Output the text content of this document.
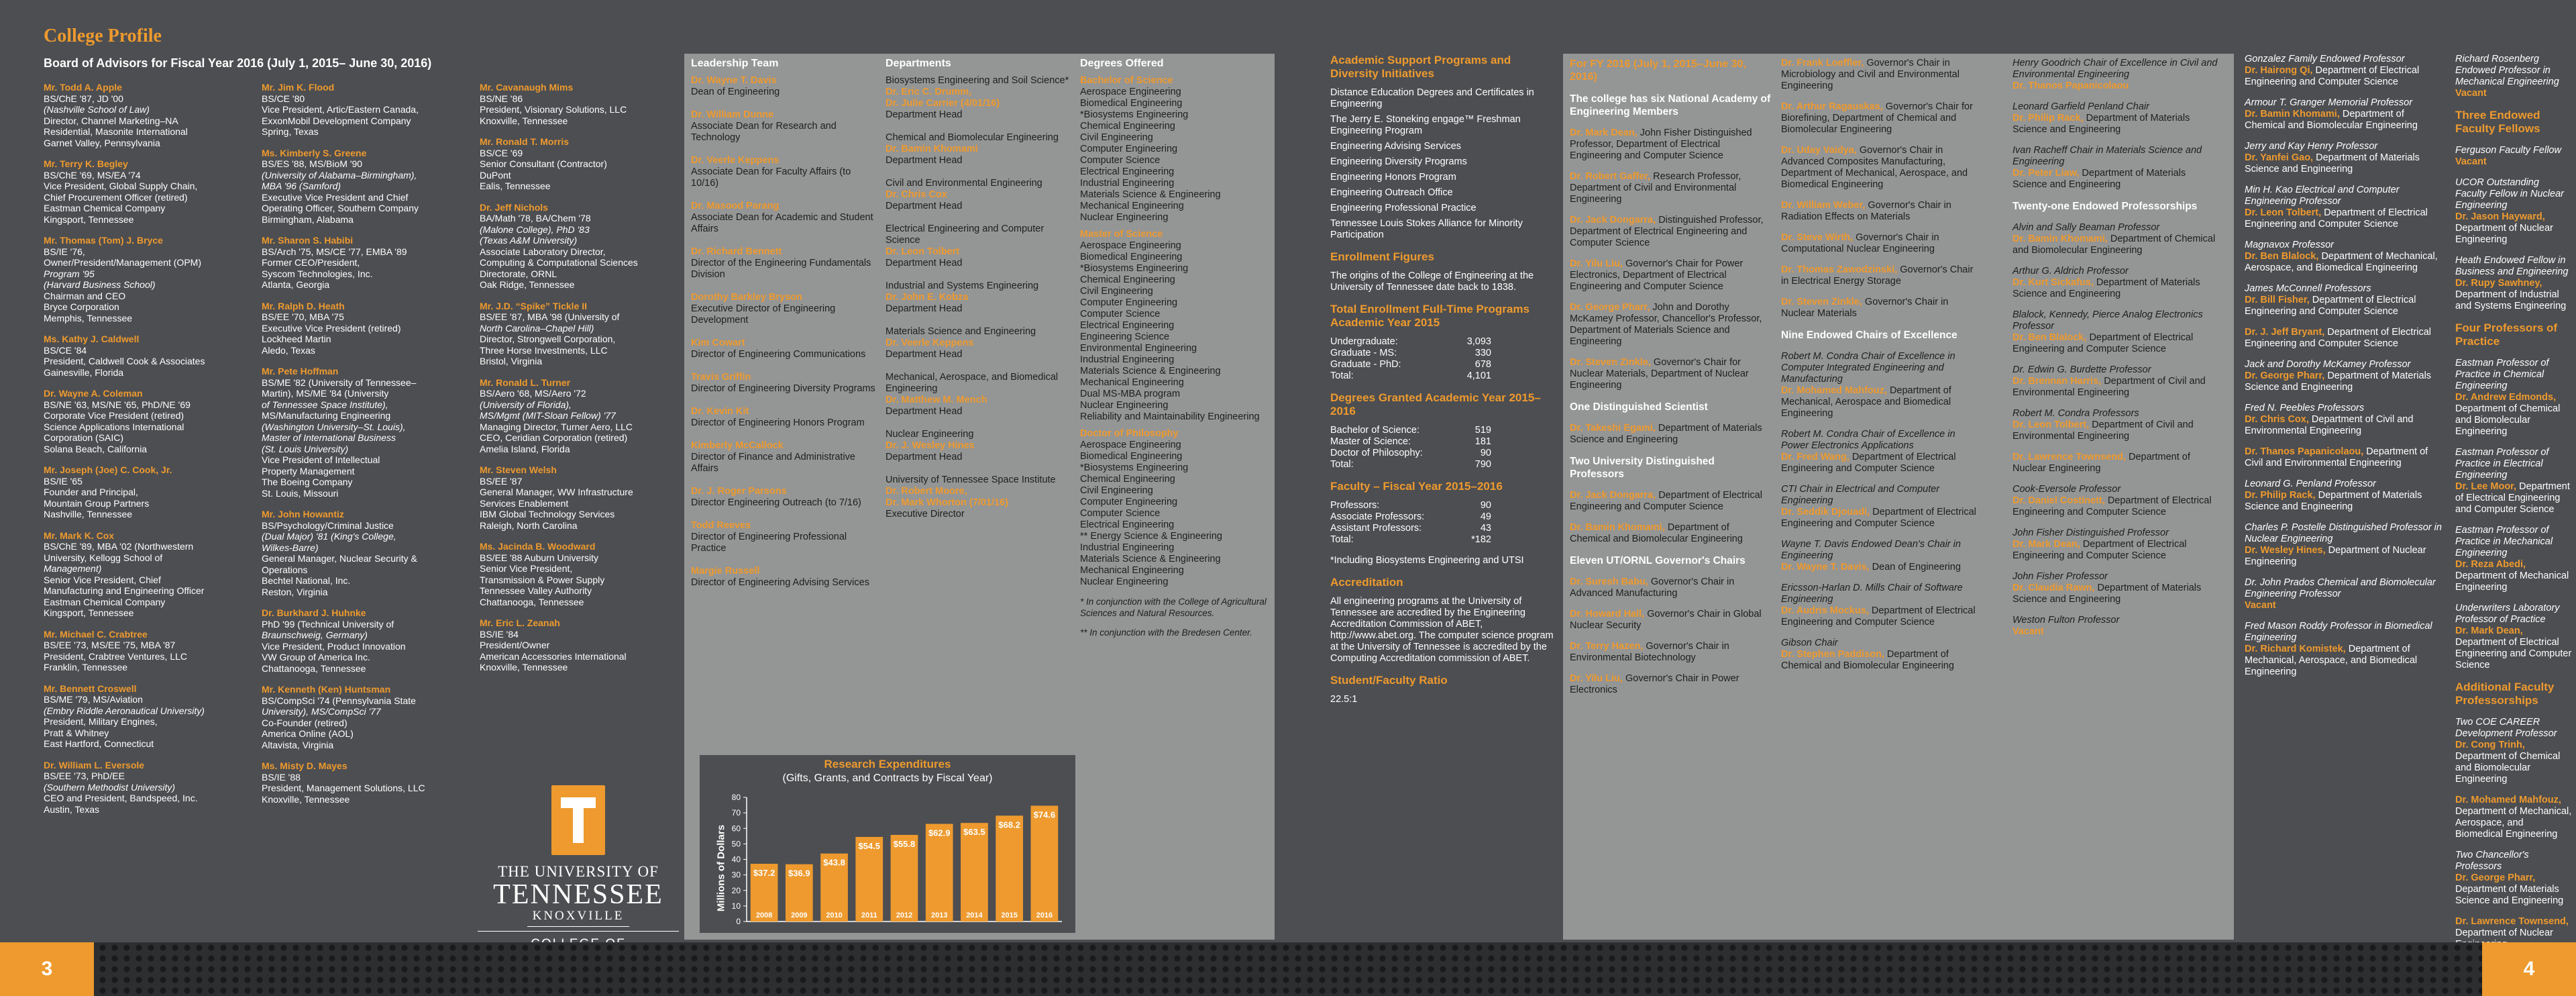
College Profile
Board of Advisors for Fiscal Year 2016 (July 1, 2015– June 30, 2016)
Mr. Todd A. Apple
BS/ChE '87, JD '00
(Nashville School of Law)
Director, Channel Marketing–NA
Residential, Masonite International
Garnet Valley, Pennsylvania
Mr. Terry K. Begley
BS/ChE '69, MS/EA '74
Vice President, Global Supply Chain,
Chief Procurement Officer (retired)
Eastman Chemical Company
Kingsport, Tennessee
Mr. Thomas (Tom) J. Bryce
BS/IE '76,
Owner/President/Management (OPM)
Program '95
(Harvard Business School)
Chairman and CEO
Bryce Corporation
Memphis, Tennessee
Ms. Kathy J. Caldwell
BS/CE '84
President, Caldwell Cook & Associates
Gainesville, Florida
Dr. Wayne A. Coleman
BS/NE '63, MS/NE '65, PhD/NE '69
Corporate Vice President (retired)
Science Applications International
Corporation (SAIC)
Solana Beach, California
Mr. Joseph (Joe) C. Cook, Jr.
BS/IE '65
Founder and Principal,
Mountain Group Partners
Nashville, Tennessee
Mr. Mark K. Cox
BS/ChE '89, MBA '02 (Northwestern
University, Kellogg School of
Management)
Senior Vice President, Chief
Manufacturing and Engineering Officer
Eastman Chemical Company
Kingsport, Tennessee
Mr. Michael C. Crabtree
BS/EE '73, MS/EE '75, MBA '87
President, Crabtree Ventures, LLC
Franklin, Tennessee
Mr. Bennett Croswell
BS/ME '79, MS/Aviation
(Embry Riddle Aeronautical University)
President, Military Engines,
Pratt & Whitney
East Hartford, Connecticut
Dr. William L. Eversole
BS/EE '73, PhD/EE
(Southern Methodist University)
CEO and President, Bandspeed, Inc.
Austin, Texas
Mr. Jim K. Flood
BS/CE '80
Vice President, Artic/Eastern Canada,
ExxonMobil Development Company
Spring, Texas
Ms. Kimberly S. Greene
BS/ES '88, MS/BioM '90
(University of Alabama–Birmingham),
MBA '96 (Samford)
Executive Vice President and Chief
Operating Officer, Southern Company
Birmingham, Alabama
Mr. Sharon S. Habibi
BS/Arch '75, MS/CE '77, EMBA '89
Former CEO/President,
Syscom Technologies, Inc.
Atlanta, Georgia
Mr. Ralph D. Heath
BS/EE '70, MBA '75
Executive Vice President (retired)
Lockheed Martin
Aledo, Texas
Mr. Pete Hoffman
BS/ME '82 (University of Tennessee–
Martin), MS/ME '84 (University
of Tennessee Space Institute),
MS/Manufacturing Engineering
(Washington University–St. Louis),
Master of International Business
(St. Louis University)
Vice President of Intellectual
Property Management
The Boeing Company
St. Louis, Missouri
Mr. John Howantiz
BS/Psychology/Criminal Justice
(Dual Major) '81 (King's College,
Wilkes-Barre)
General Manager, Nuclear Security &
Operations
Bechtel National, Inc.
Reston, Virginia
Dr. Burkhard J. Huhnke
PhD '99 (Technical University of
Braunschweig, Germany)
Vice President, Product Innovation
VW Group of America Inc.
Chattanooga, Tennessee
Mr. Kenneth (Ken) Huntsman
BS/CompSci '74 (Pennsylvania State
University), MS/CompSci '77
Co-Founder (retired)
America Online (AOL)
Altavista, Virginia
Ms. Misty D. Mayes
BS/IE '88
President, Management Solutions, LLC
Knoxville, Tennessee
Mr. Cavanaugh Mims
BS/NE '86
President, Visionary Solutions, LLC
Knoxville, Tennessee
Mr. Ronald T. Morris
BS/CE '69
Senior Consultant (Contractor)
DuPont
Ealis, Tennessee
Dr. Jeff Nichols
BA/Math '78, BA/Chem '78
(Malone College), PhD '83
(Texas A&M University)
Associate Laboratory Director,
Computing & Computational Sciences
Directorate, ORNL
Oak Ridge, Tennessee
Mr. J.D. “Spike” Tickle II
BS/EE '87, MBA '98 (University of
North Carolina–Chapel Hill)
Director, Strongwell Corporation,
Three Horse Investments, LLC
Bristol, Virginia
Mr. Ronald L. Turner
BS/Aero '68, MS/Aero '72
(University of Florida),
MS/Mgmt (MIT-Sloan Fellow) '77
Managing Director, Turner Aero, LLC
CEO, Ceridian Corporation (retired)
Amelia Island, Florida
Mr. Steven Welsh
BS/EE '87
General Manager, WW Infrastructure
Services Enablement
IBM Global Technology Services
Raleigh, North Carolina
Ms. Jacinda B. Woodward
BS/EE '88 Auburn University
Senior Vice President,
Transmission & Power Supply
Tennessee Valley Authority
Chattanooga, Tennessee
Mr. Eric L. Zeanah
BS/IE '84
President/Owner
American Accessories International
Knoxville, Tennessee
THE UNIVERSITY OF
TENNESSEE
KNOXVILLE

Leadership Team	Departments	Degrees Offered
Dr. Wayne T. Davis
Dean of Engineering
Dr. William Dunne
Associate Dean for Research and Technology
Dr. Veerle Keppens
Associate Dean for Faculty Affairs (to 10/16)
Dr. Masood Parang
Associate Dean for Academic and Student Affairs
Dr. Richard Bennett
Director of the Engineering Fundamentals Division
Dorothy Barkley Bryson
Executive Director of Engineering Development
Kim Cowart
Director of Engineering Communications
Travis Griffin
Director of Engineering Diversity Programs
Dr. Kevin Kit
Director of Engineering Honors Program
Kimberly McCallock
Director of Finance and Administrative Affairs
Dr. J. Roger Parsons
Director Engineering Outreach (to 7/16)
Todd Reeves
Director of Engineering Professional Practice
Margie Russell
Director of Engineering Advising Services
Biosystems Engineering and Soil Science*
Dr. Eric C. Drumm,
Dr. Julie Carrier (4/01/16)
Department Head
Chemical and Biomolecular Engineering
Dr. Bamin Khomami
Department Head
Civil and Environmental Engineering
Dr. Chris Cox
Department Head
Electrical Engineering and Computer Science
Dr. Leon Tolbert
Department Head
Industrial and Systems Engineering
Dr. John E. Kobza
Department Head
Materials Science and Engineering
Dr. Veerle Keppens
Department Head
Mechanical, Aerospace, and Biomedical Engineering
Dr. Matthew M. Mench
Department Head
Nuclear Engineering
Dr. J. Wesley Hines
Department Head
University of Tennessee Space Institute
Dr. Robert Moore,
Dr. Mark Whorton (7/01/16)
Executive Director
Bachelor of Science
Aerospace Engineering
Biomedical Engineering
*Biosystems Engineering
Chemical Engineering
Civil Engineering
Computer Engineering
Computer Science
Electrical Engineering
Industrial Engineering
Materials Science & Engineering
Mechanical Engineering
Nuclear Engineering
Master of Science
Aerospace Engineering
Biomedical Engineering
*Biosystems Engineering
Chemical Engineering
Civil Engineering
Computer Engineering
Computer Science
Electrical Engineering
Engineering Science
Environmental Engineering
Industrial Engineering
Materials Science & Engineering
Mechanical Engineering
Dual MS-MBA program
Nuclear Engineering
Reliability and Maintainability Engineering
Doctor of Philosophy
Aerospace Engineering
Biomedical Engineering
*Biosystems Engineering
Chemical Engineering
Civil Engineering
Computer Engineering
Computer Science
Electrical Engineering
** Energy Science & Engineering
Industrial Engineering
Materials Science & Engineering
Mechanical Engineering
Nuclear Engineering
* In conjunction with the College of Agricultural Sciences and Natural Resources.
** In conjunction with the Bredesen Center.
Research Expenditures
(Gifts, Grants, and Contracts by Fiscal Year)
Millions of Dollars
0
10
20
30
40
50
60
70
80
$37.2
2008
$36.9
2009
$43.8
2010
$54.5
2011
$55.8
2012
$62.9
2013
$63.5
2014
$68.2
2015
$74.6
2016
Academic Support Programs and Diversity Initiatives
Distance Education Degrees and Certificates in Engineering
The Jerry E. Stoneking engage™ Freshman Engineering Program
Engineering Advising Services
Engineering Diversity Programs
Engineering Honors Program
Engineering Outreach Office
Engineering Professional Practice
Tennessee Louis Stokes Alliance for Minority Participation
Enrollment Figures
The origins of the College of Engineering at the University of Tennessee date back to 1838.
Total Enrollment Full-Time Programs Academic Year 2015
Undergraduate:	3,093
Graduate - MS:	330
Graduate - PhD:	678
Total:	4,101
Degrees Granted Academic Year 2015–2016
Bachelor of Science:	519
Master of Science:	181
Doctor of Philosophy:	90
Total:	790
Faculty – Fiscal Year 2015–2016
Professors:	90
Associate Professors:	49
Assistant Professors:	43
Total:	*182
*Including Biosystems Engineering and UTSI
Accreditation
All engineering programs at the University of Tennessee are accredited by the Engineering Accreditation Commission of ABET, http://www.abet.org. The computer science program at the University of Tennessee is accredited by the Computing Accreditation commission of ABET.
Student/Faculty Ratio
22.5:1
For FY 2016 (July 1, 2015–June 30, 2016)
The college has six National Academy of Engineering Members
Dr. Mark Dean, John Fisher Distinguished Professor, Department of Electrical Engineering and Computer Science
Dr. Robert Gaffer, Research Professor, Department of Civil and Environmental Engineering
Dr. Jack Dongarra, Distinguished Professor, Department of Electrical Engineering and Computer Science
Dr. Yilu Liu, Governor's Chair for Power Electronics, Department of Electrical Engineering and Computer Science
Dr. George Pharr, John and Dorothy McKamey Professor, Chancellor's Professor, Department of Materials Science and Engineering
Dr. Steven Zinkle, Governor's Chair for Nuclear Materials, Department of Nuclear Engineering
One Distinguished Scientist
Dr. Takeshi Egami, Department of Materials Science and Engineering
Two University Distinguished Professors
Dr. Jack Dongarra, Department of Electrical Engineering and Computer Science
Dr. Bamin Khomami, Department of Chemical and Biomolecular Engineering
Eleven UT/ORNL Governor's Chairs
Dr. Suresh Babu, Governor's Chair in Advanced Manufacturing
Dr. Howard Hall, Governor's Chair in Global Nuclear Security
Dr. Terry Hazen, Governor's Chair in Environmental Biotechnology
Dr. Yilu Liu, Governor's Chair in Power Electronics
Dr. Frank Loeffler, Governor's Chair in Microbiology and Civil and Environmental Engineering
Dr. Arthur Ragauskas, Governor's Chair for Biorefining, Department of Chemical and Biomolecular Engineering
Dr. Uday Vaidya, Governor's Chair in Advanced Composites Manufacturing, Department of Mechanical, Aerospace, and Biomedical Engineering
Dr. William Weber, Governor's Chair in Radiation Effects on Materials
Dr. Steve Wirth, Governor's Chair in Computational Nuclear Engineering
Dr. Thomas Zawodzinski, Governor's Chair in Electrical Energy Storage
Dr. Steven Zinkle, Governor's Chair in Nuclear Materials
Nine Endowed Chairs of Excellence
Robert M. Condra Chair of Excellence in Computer Integrated Engineering and Manufacturing
Dr. Mohamed Mahfouz, Department of Mechanical, Aerospace and Biomedical Engineering
Robert M. Condra Chair of Excellence in Power Electronics Applications
Dr. Fred Wang, Department of Electrical Engineering and Computer Science
CTI Chair in Electrical and Computer Engineering
Dr. Seddik Djouadi, Department of Electrical Engineering and Computer Science
Wayne T. Davis Endowed Dean's Chair in Engineering
Dr. Wayne T. Davis, Dean of Engineering
Ericsson-Harlan D. Mills Chair of Software Engineering
Dr. Audris Mockus, Department of Electrical Engineering and Computer Science
Gibson Chair
Dr. Stephen Paddison, Department of Chemical and Biomolecular Engineering
Henry Goodrich Chair of Excellence in Civil and Environmental Engineering
Dr. Thanos Papanicolaou
Leonard Garfield Penland Chair
Dr. Philip Rack, Department of Materials Science and Engineering
Ivan Racheff Chair in Materials Science and Engineering
Dr. Peter Liaw, Department of Materials Science and Engineering
Twenty-one Endowed Professorships
Alvin and Sally Beaman Professor
Dr. Bamin Khomami, Department of Chemical and Biomolecular Engineering
Arthur G. Aldrich Professor
Dr. Kurt Sickafus, Department of Materials Science and Engineering
Blalock, Kennedy, Pierce Analog Electronics Professor
Dr. Ben Blalock, Department of Electrical Engineering and Computer Science
Dr. Edwin G. Burdette Professor
Dr. Brennan Harris, Department of Civil and Environmental Engineering
Robert M. Condra Professors
Dr. Leon Tolbert, Department of Civil and Environmental Engineering
Dr. Lawrence Townsend, Department of Nuclear Engineering
Cook-Eversole Professor
Dr. Daniel Costinett, Department of Electrical Engineering and Computer Science
John Fisher Distinguished Professor
Dr. Mark Dean, Department of Electrical Engineering and Computer Science
John Fisher Professor
Dr. Claudia Rawn, Department of Materials Science and Engineering
Weston Fulton Professor
Vacant
Gonzalez Family Endowed Professor
Dr. Hairong Qi, Department of Electrical Engineering and Computer Science
Armour T. Granger Memorial Professor
Dr. Bamin Khomami, Department of Chemical and Biomolecular Engineering
Jerry and Kay Henry Professor
Dr. Yanfei Gao, Department of Materials Science and Engineering
Min H. Kao Electrical and Computer Engineering Professor
Dr. Leon Tolbert, Department of Electrical Engineering and Computer Science
Magnavox Professor
Dr. Ben Blalock, Department of Mechanical, Aerospace, and Biomedical Engineering
James McConnell Professors
Dr. Bill Fisher, Department of Electrical Engineering and Computer Science
Dr. J. Jeff Bryant, Department of Electrical Engineering and Computer Science
Jack and Dorothy McKamey Professor
Dr. George Pharr, Department of Materials Science and Engineering
Fred N. Peebles Professors
Dr. Chris Cox, Department of Civil and Environmental Engineering
Dr. Thanos Papanicolaou, Department of Civil and Environmental Engineering
Leonard G. Penland Professor
Dr. Philip Rack, Department of Materials Science and Engineering
Charles P. Postelle Distinguished Professor in Nuclear Engineering
Dr. Wesley Hines, Department of Nuclear Engineering
Dr. John Prados Chemical and Biomolecular Engineering Professor
Vacant
Fred Mason Roddy Professor in Biomedical Engineering
Dr. Richard Komistek, Department of Mechanical, Aerospace, and Biomedical Engineering
Richard Rosenberg Endowed Professor in Mechanical Engineering
Vacant
Three Endowed Faculty Fellows
Ferguson Faculty Fellow
Vacant
UCOR Outstanding Faculty Fellow in Nuclear Engineering
Dr. Jason Hayward, Department of Nuclear Engineering
Heath Endowed Fellow in Business and Engineering
Dr. Rupy Sawhney, Department of Industrial and Systems Engineering
Four Professors of Practice
Eastman Professor of Practice in Chemical Engineering
Dr. Andrew Edmonds, Department of Chemical and Biomolecular Engineering
Eastman Professor of Practice in Electrical Engineering
Dr. Lee Moor, Department of Electrical Engineering and Computer Science
Eastman Professor of Practice in Mechanical Engineering
Dr. Reza Abedi, Department of Mechanical Engineering
Underwriters Laboratory Professor of Practice
Dr. Mark Dean, Department of Electrical Engineering and Computer Science
Additional Faculty Professorships
Two COE CAREER Development Professor
Dr. Cong Trinh, Department of Chemical and Biomolecular Engineering
Dr. Mohamed Mahfouz, Department of Mechanical, Aerospace, and Biomedical Engineering
Two Chancellor's Professors
Dr. George Pharr, Department of Materials Science and Engineering
Dr. Lawrence Townsend, Department of Nuclear
3	4
